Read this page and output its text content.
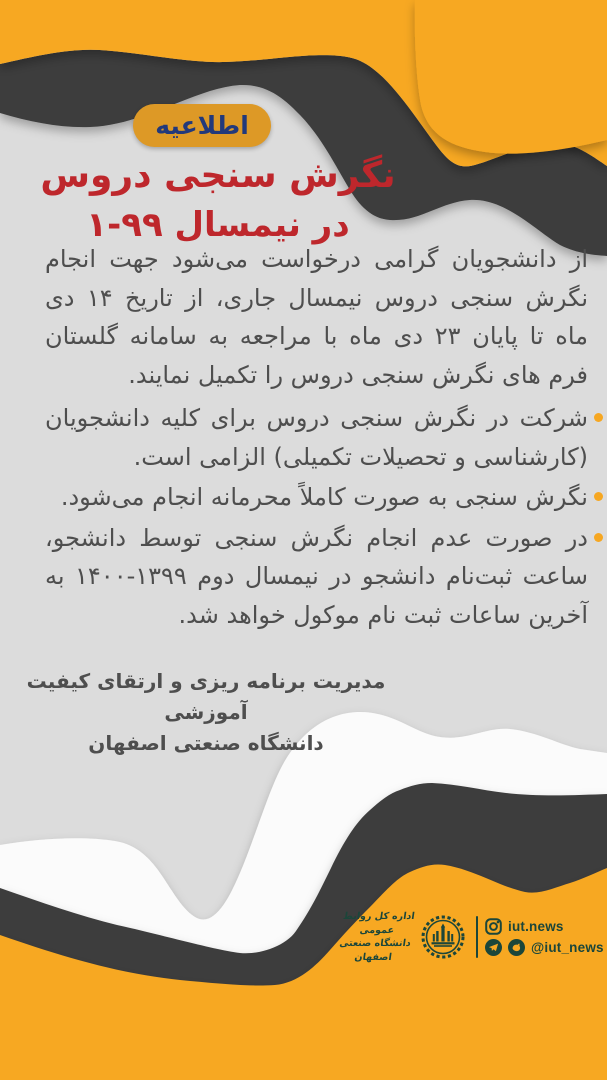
اطلاعیه
نگرش سنجی دروس
در نیمسال ۹۹-۱

از دانشجویان گرامی درخواست می‌شود جهت انجام نگرش سنجی دروس نیمسال جاری، از تاریخ ۱۴ دی ماه تا پایان ۲۳ دی ماه با مراجعه به سامانه گلستان فرم های نگرش سنجی دروس را تکمیل نمایند.

شرکت در نگرش سنجی دروس برای کلیه دانشجویان (کارشناسی و تحصیلات تکمیلی) الزامی است.
نگرش سنجی به صورت کاملاً محرمانه انجام می‌شود.
در صورت عدم انجام نگرش سنجی توسط دانشجو، ساعت ثبت‌نام دانشجو در نیمسال دوم ۱۳۹۹-۱۴۰۰ به آخرین ساعات ثبت نام موکول خواهد شد.
مدیریت برنامه ریزی و ارتقای کیفیت آموزشی
دانشگاه صنعتی اصفهان
اداره کل روابط عمومی
دانشگاه صنعتی اصفهان
iut.news
@iut_news
